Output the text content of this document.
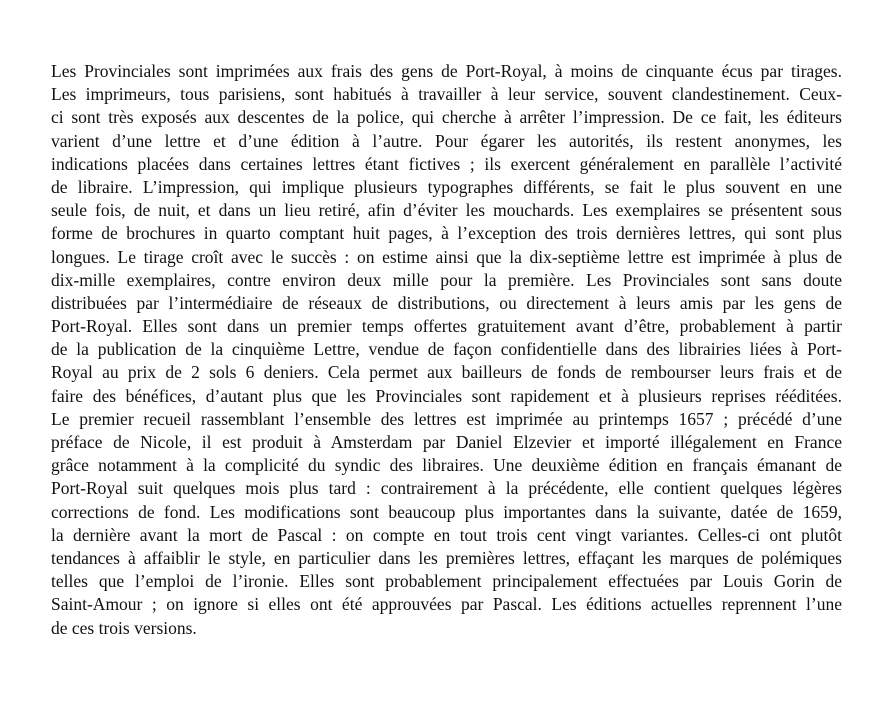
Les Provinciales sont imprimées aux frais des gens de Port-Royal, à moins de cinquante écus par tirages.
Les imprimeurs, tous parisiens, sont habitués à travailler à leur service, souvent clandestinement. Ceux-
ci sont très exposés aux descentes de la police, qui cherche à arrêter l’impression. De ce fait, les éditeurs
varient d’une lettre et d’une édition à l’autre. Pour égarer les autorités, ils restent anonymes, les
indications placées dans certaines lettres étant fictives ; ils exercent généralement en parallèle l’activité
de libraire. L’impression, qui implique plusieurs typographes différents, se fait le plus souvent en une
seule fois, de nuit, et dans un lieu retiré, afin d’éviter les mouchards. Les exemplaires se présentent sous
forme de brochures in quarto comptant huit pages, à l’exception des trois dernières lettres, qui sont plus
longues. Le tirage croît avec le succès : on estime ainsi que la dix-septième lettre est imprimée à plus de
dix-mille exemplaires, contre environ deux mille pour la première. Les Provinciales sont sans doute
distribuées par l’intermédiaire de réseaux de distributions, ou directement à leurs amis par les gens de
Port-Royal. Elles sont dans un premier temps offertes gratuitement avant d’être, probablement à partir
de la publication de la cinquième Lettre, vendue de façon confidentielle dans des librairies liées à Port-
Royal au prix de 2 sols 6 deniers. Cela permet aux bailleurs de fonds de rembourser leurs frais et de
faire des bénéfices, d’autant plus que les Provinciales sont rapidement et à plusieurs reprises rééditées.
Le premier recueil rassemblant l’ensemble des lettres est imprimée au printemps 1657 ; précédé d’une
préface de Nicole, il est produit à Amsterdam par Daniel Elzevier et importé illégalement en France
grâce notamment à la complicité du syndic des libraires. Une deuxième édition en français émanant de
Port-Royal suit quelques mois plus tard : contrairement à la précédente, elle contient quelques légères
corrections de fond. Les modifications sont beaucoup plus importantes dans la suivante, datée de 1659,
la dernière avant la mort de Pascal : on compte en tout trois cent vingt variantes. Celles-ci ont plutôt
tendances à affaiblir le style, en particulier dans les premières lettres, effaçant les marques de polémiques
telles que l’emploi de l’ironie. Elles sont probablement principalement effectuées par Louis Gorin de
Saint-Amour ; on ignore si elles ont été approuvées par Pascal. Les éditions actuelles reprennent l’une
de ces trois versions.
